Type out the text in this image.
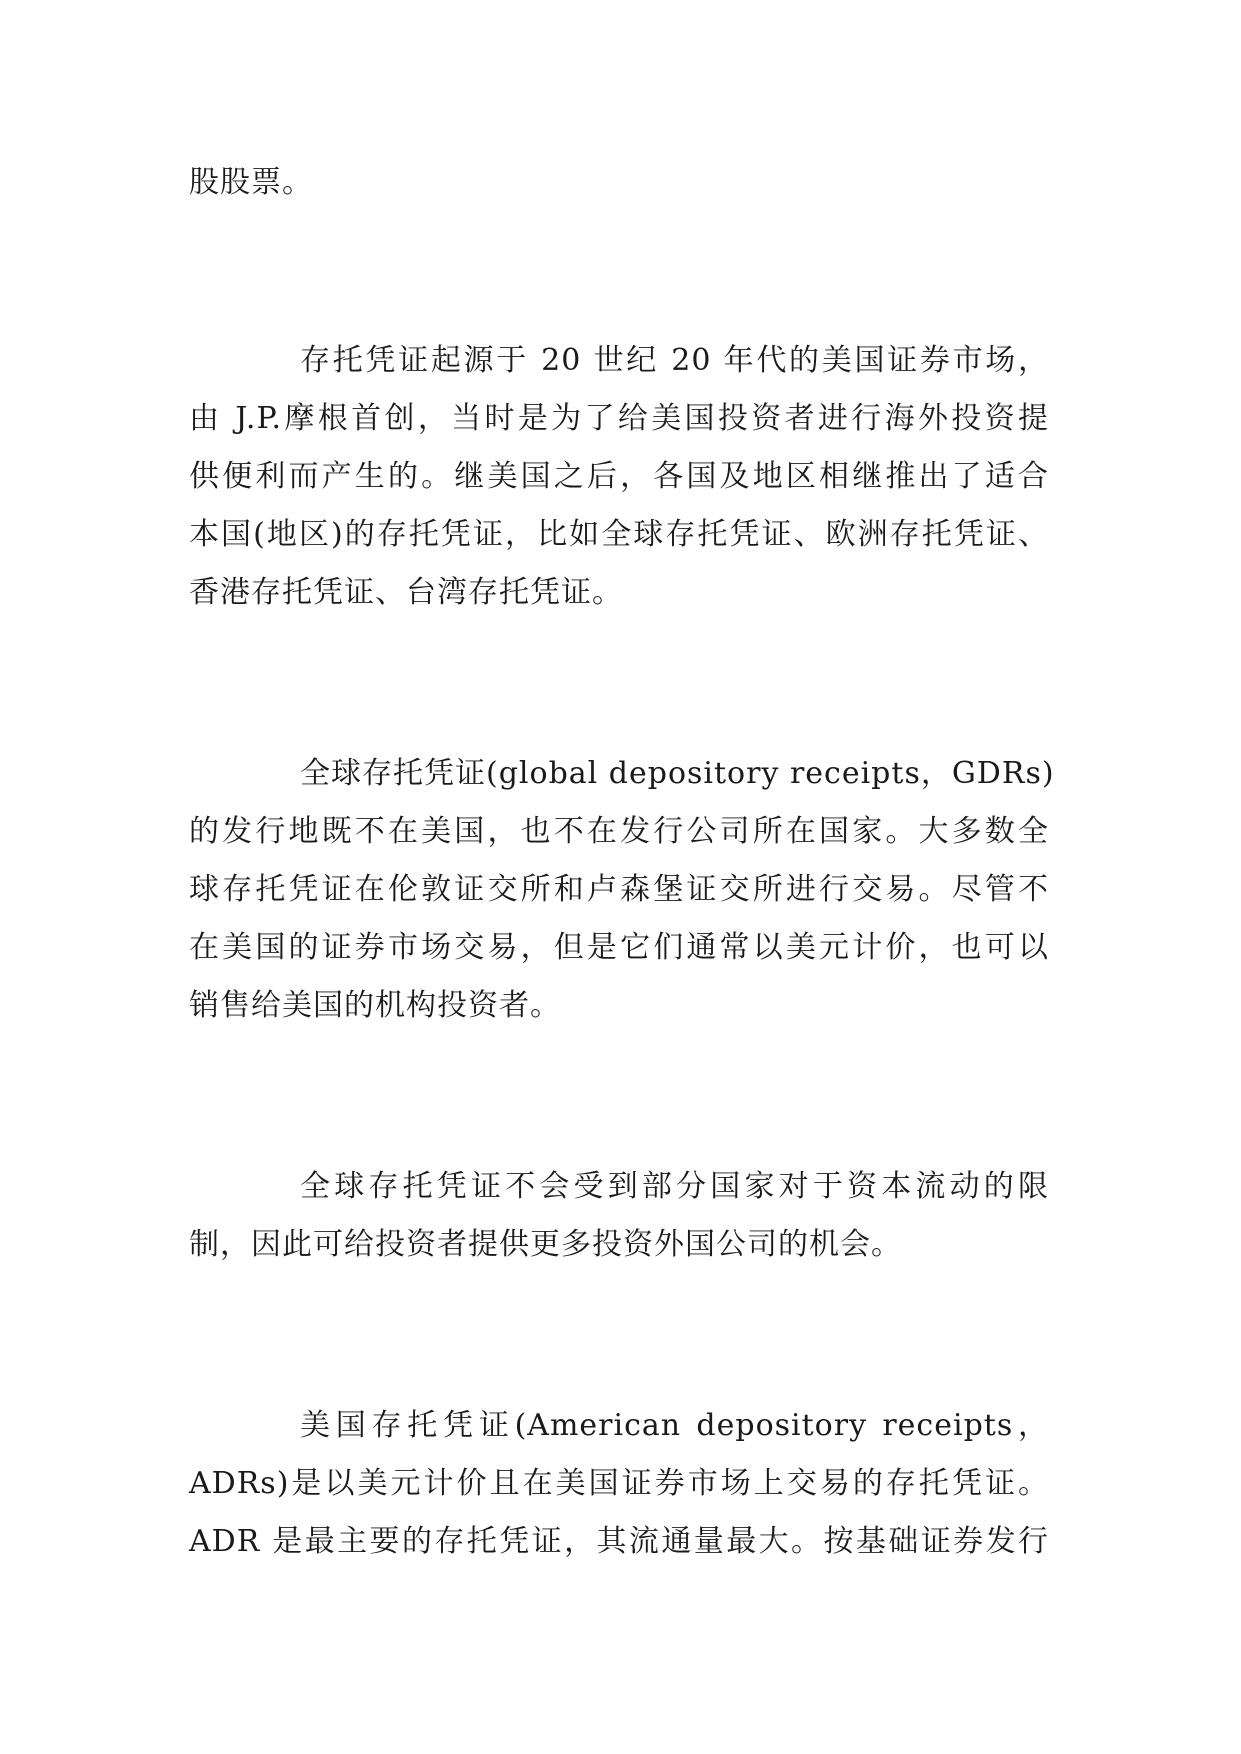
股股票。
存托凭证起源于 20 世纪 20 年代的美国证券市场，
由 J.P.摩根首创，当时是为了给美国投资者进行海外投资提
供便利而产生的。继美国之后，各国及地区相继推出了适合
本国(地区)的存托凭证，比如全球存托凭证、欧洲存托凭证、
香港存托凭证、台湾存托凭证。
全球存托凭证(global depository receipts，GDRs)
的发行地既不在美国，也不在发行公司所在国家。大多数全
球存托凭证在伦敦证交所和卢森堡证交所进行交易。尽管不
在美国的证券市场交易，但是它们通常以美元计价，也可以
销售给美国的机构投资者。
全球存托凭证不会受到部分国家对于资本流动的限
制，因此可给投资者提供更多投资外国公司的机会。
美国存托凭证(American depository receipts，
ADRs)是以美元计价且在美国证券市场上交易的存托凭证。
ADR 是最主要的存托凭证，其流通量最大。按基础证券发行
